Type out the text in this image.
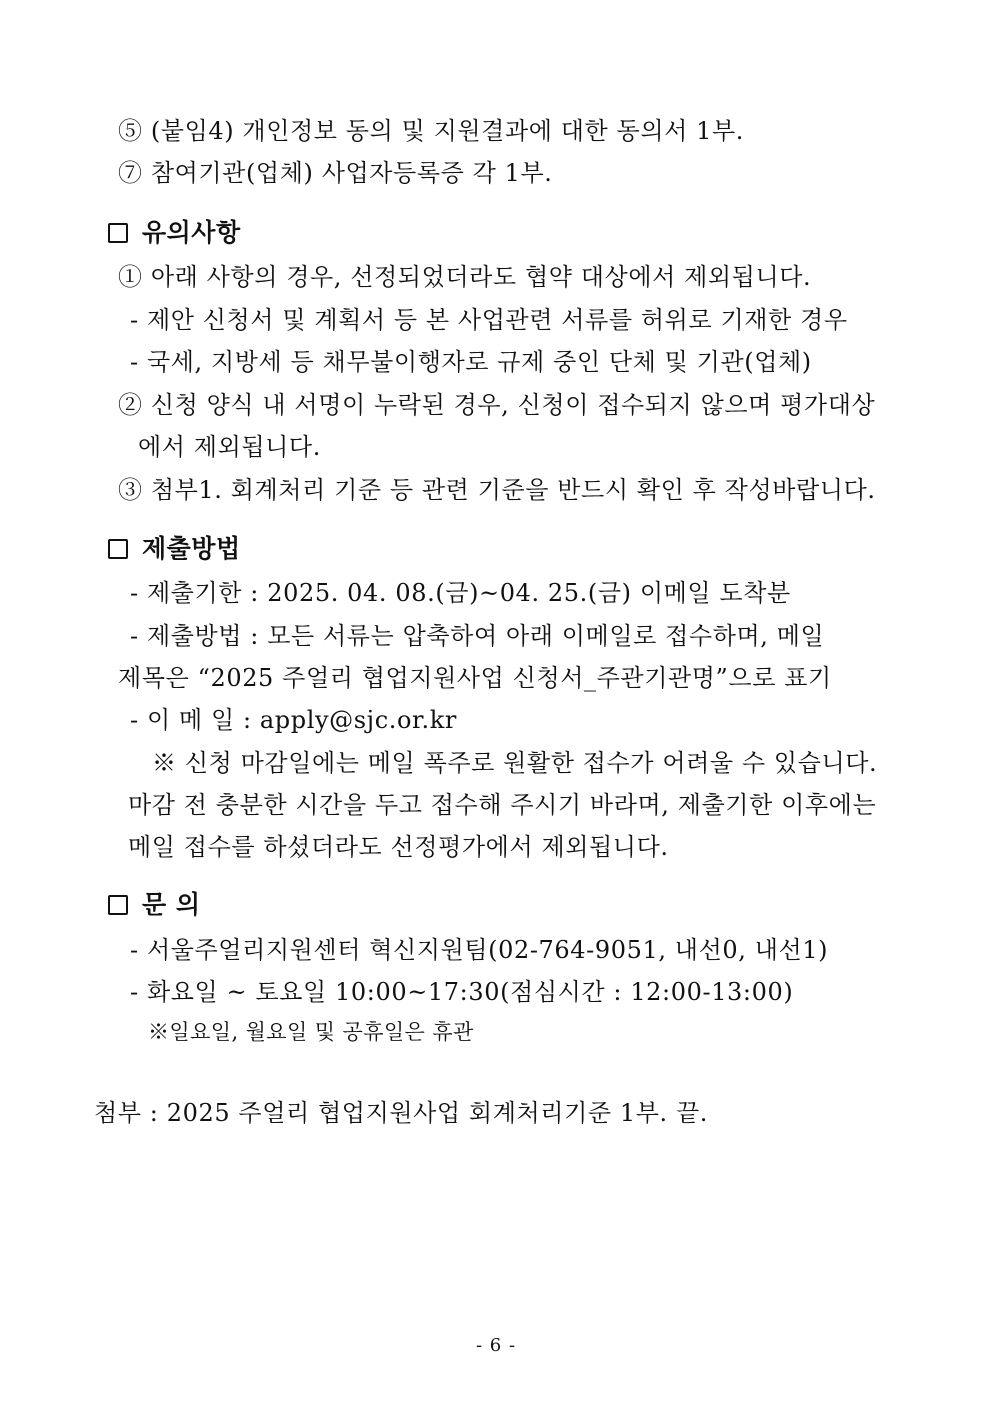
⑤ (붙임4) 개인정보 동의 및 지원결과에 대한 동의서 1부.
⑦ 참여기관(업체) 사업자등록증 각 1부.
유의사항
① 아래 사항의 경우, 선정되었더라도 협약 대상에서 제외됩니다.
- 제안 신청서 및 계획서 등 본 사업관련 서류를 허위로 기재한 경우
- 국세, 지방세 등 채무불이행자로 규제 중인 단체 및 기관(업체)
② 신청 양식 내 서명이 누락된 경우, 신청이 접수되지 않으며 평가대상
에서 제외됩니다.
③ 첨부1. 회계처리 기준 등 관련 기준을 반드시 확인 후 작성바랍니다.
제출방법
- 제출기한 : 2025. 04. 08.(금)~04. 25.(금) 이메일 도착분
- 제출방법 : 모든 서류는 압축하여 아래 이메일로 접수하며, 메일
제목은 “2025 주얼리 협업지원사업 신청서_주관기관명”으로 표기
- 이 메 일 : apply@sjc.or.kr
※ 신청 마감일에는 메일 폭주로 원활한 접수가 어려울 수 있습니다.
마감 전 충분한 시간을 두고 접수해 주시기 바라며, 제출기한 이후에는
메일 접수를 하셨더라도 선정평가에서 제외됩니다.
문 의
- 서울주얼리지원센터 혁신지원팀(02-764-9051, 내선0, 내선1)
- 화요일 ~ 토요일 10:00~17:30(점심시간 : 12:00-13:00)
※일요일, 월요일 및 공휴일은 휴관
첨부 : 2025 주얼리 협업지원사업 회계처리기준 1부. 끝.
- 6 -
